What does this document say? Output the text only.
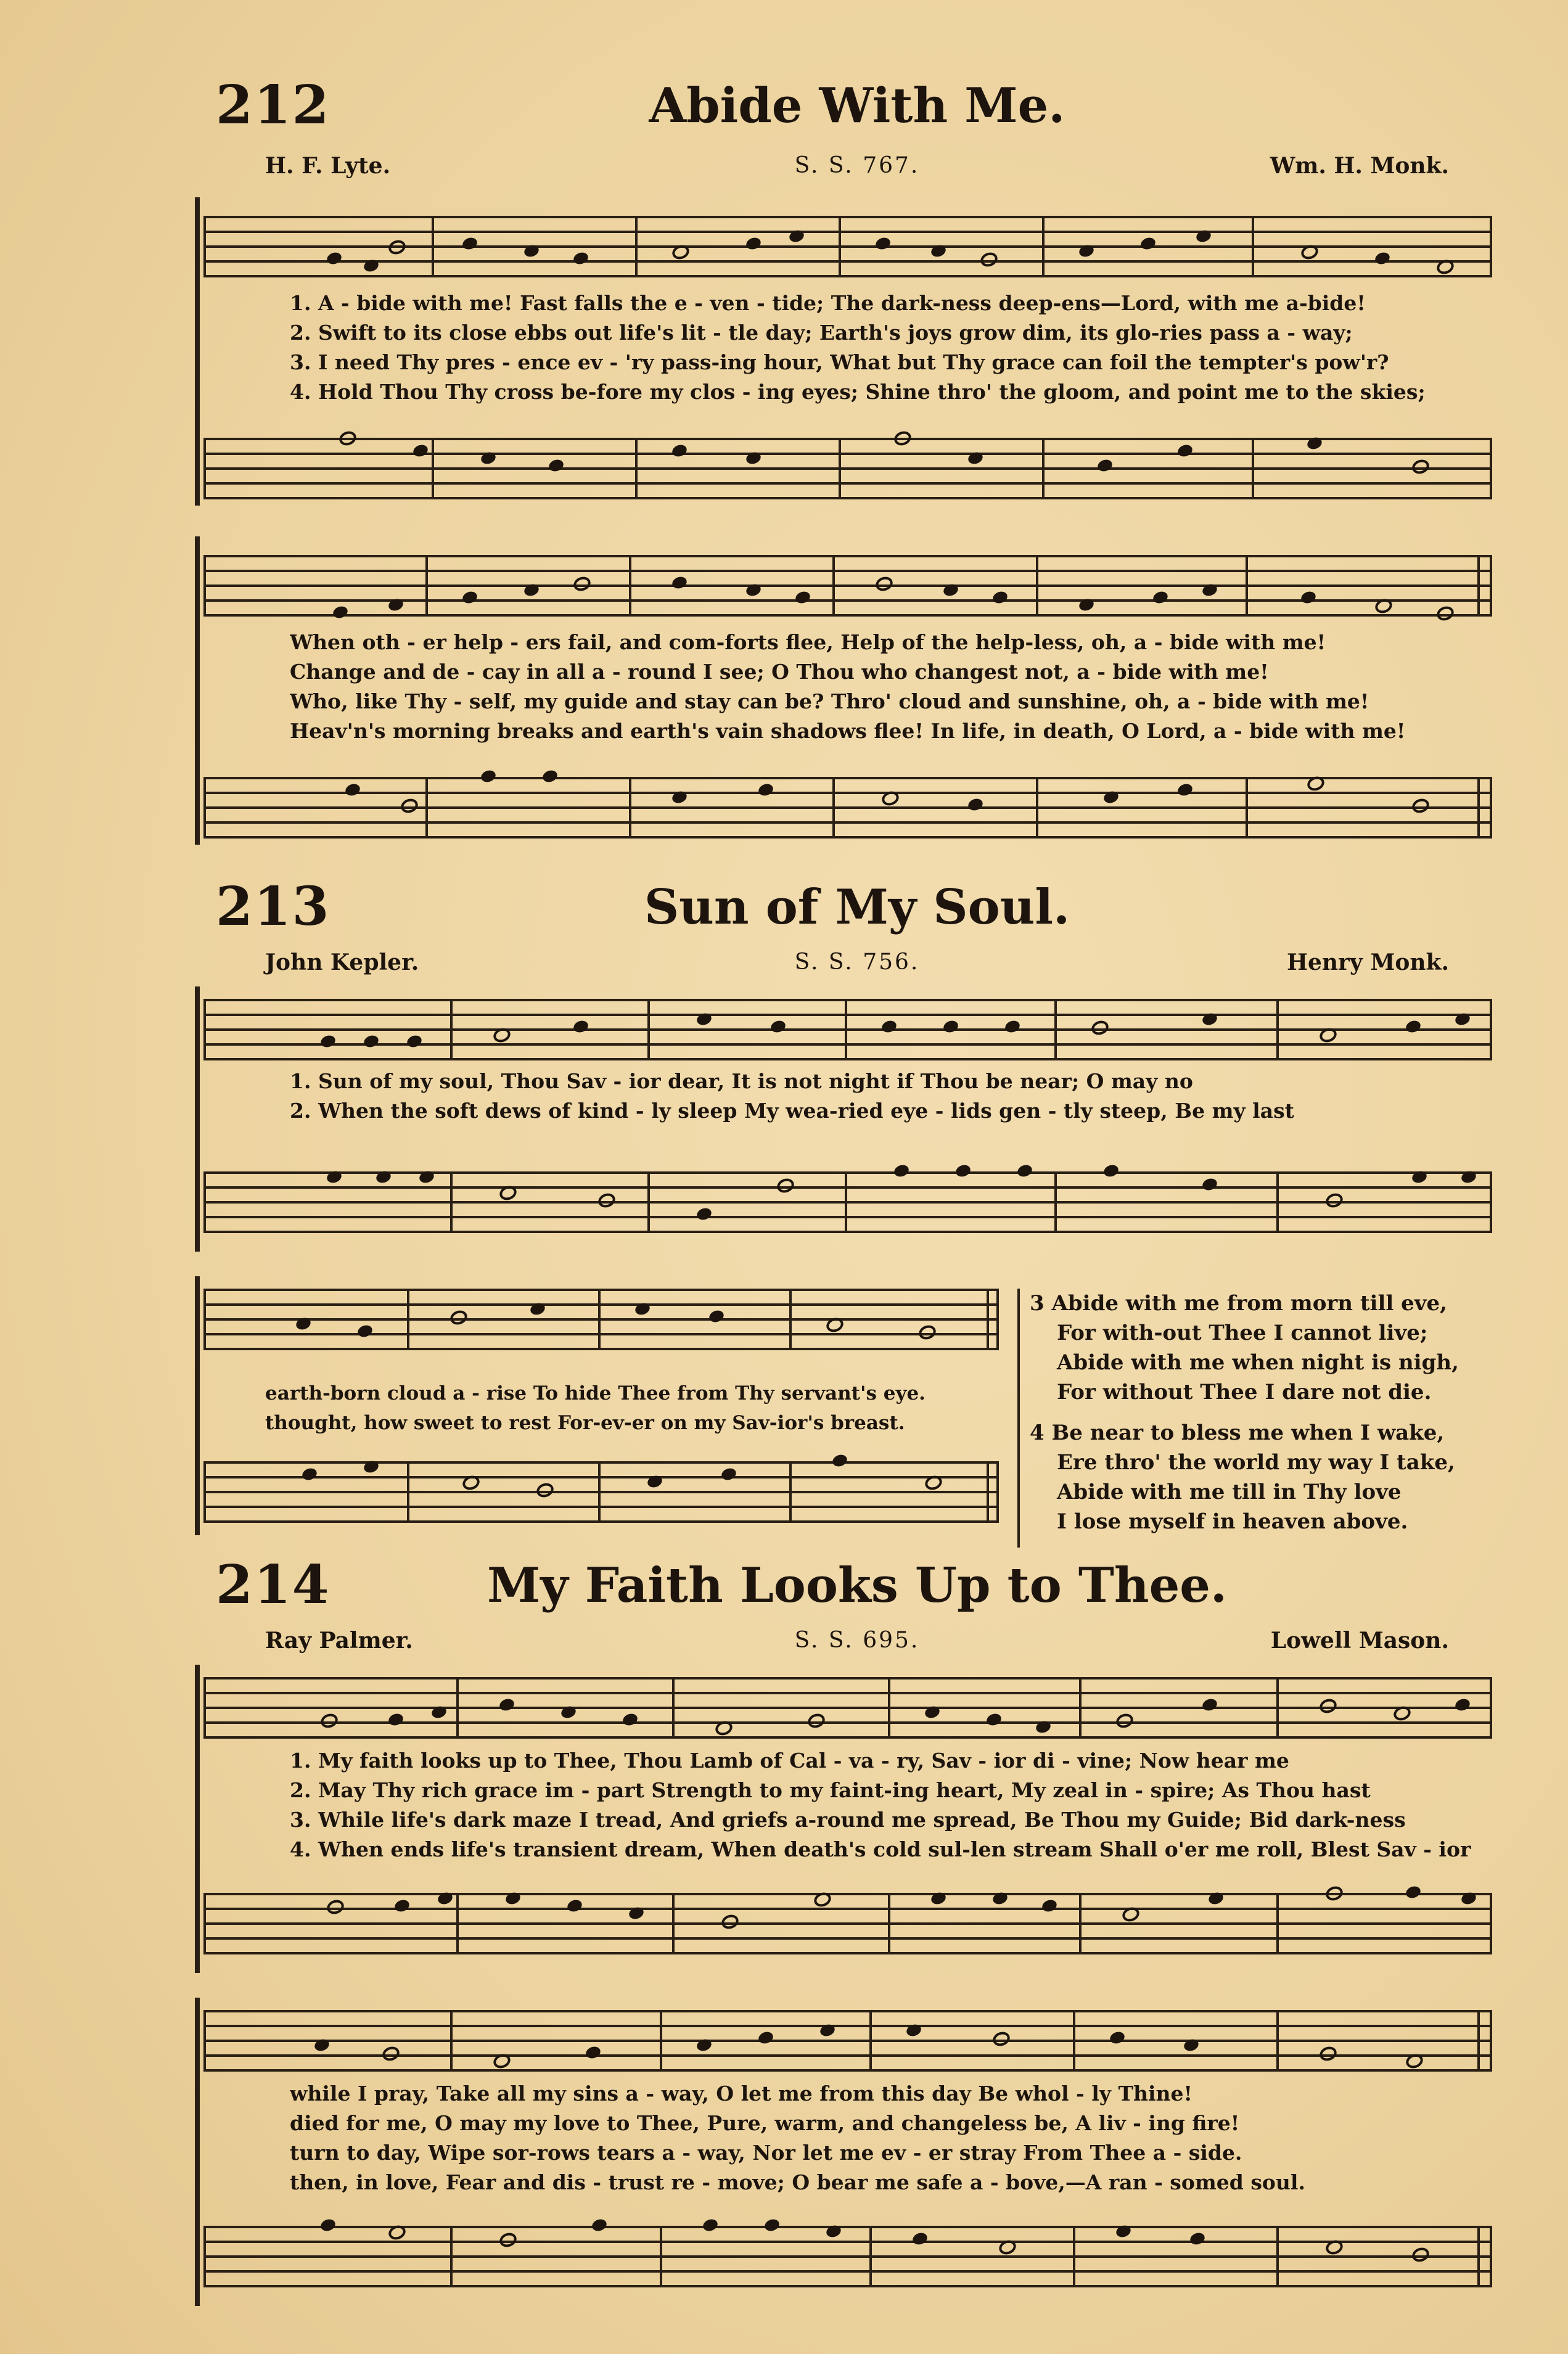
212	Abide With Me.
H. F. Lyte.	S. S. 767.	Wm. H. Monk.
1. A - bide with me! Fast falls the e - ven - tide; The dark-ness deep-ens—Lord, with me a-bide!
2. Swift to its close ebbs out life's lit - tle day; Earth's joys grow dim, its glo-ries pass a - way;
3. I need Thy pres - ence ev - 'ry pass-ing hour, What but Thy grace can foil the tempter's pow'r?
4. Hold Thou Thy cross be-fore my clos - ing eyes; Shine thro' the gloom, and point me to the skies;
When oth - er help - ers fail, and com-forts flee, Help of the help-less, oh, a - bide with me!
Change and de - cay in all a - round I see; O Thou who changest not, a - bide with me!
Who, like Thy - self, my guide and stay can be? Thro' cloud and sunshine, oh, a - bide with me!
Heav'n's morning breaks and earth's vain shadows flee! In life, in death, O Lord, a - bide with me!
213	Sun of My Soul.
John Kepler.	S. S. 756.	Henry Monk.
1. Sun of my soul, Thou Sav - ior dear, It is not night if Thou be near; O may no
2. When the soft dews of kind - ly sleep My wea-ried eye - lids gen - tly steep, Be my last
earth-born cloud a - rise To hide Thee from Thy servant's eye.
thought, how sweet to rest For-ev-er on my Sav-ior's breast.
3 Abide with me from morn till eve,
For with-out Thee I cannot live;
Abide with me when night is nigh,
For without Thee I dare not die.
4 Be near to bless me when I wake,
Ere thro' the world my way I take,
Abide with me till in Thy love
I lose myself in heaven above.
214	My Faith Looks Up to Thee.
Ray Palmer.	S. S. 695.	Lowell Mason.
1. My faith looks up to Thee, Thou Lamb of Cal - va - ry, Sav - ior di - vine; Now hear me
2. May Thy rich grace im - part Strength to my faint-ing heart, My zeal in - spire; As Thou hast
3. While life's dark maze I tread, And griefs a-round me spread, Be Thou my Guide; Bid dark-ness
4. When ends life's transient dream, When death's cold sul-len stream Shall o'er me roll, Blest Sav - ior
while I pray, Take all my sins a - way, O let me from this day Be whol - ly Thine!
died for me, O may my love to Thee, Pure, warm, and changeless be, A liv - ing fire!
turn to day, Wipe sor-rows tears a - way, Nor let me ev - er stray From Thee a - side.
then, in love, Fear and dis - trust re - move; O bear me safe a - bove,—A ran - somed soul.
